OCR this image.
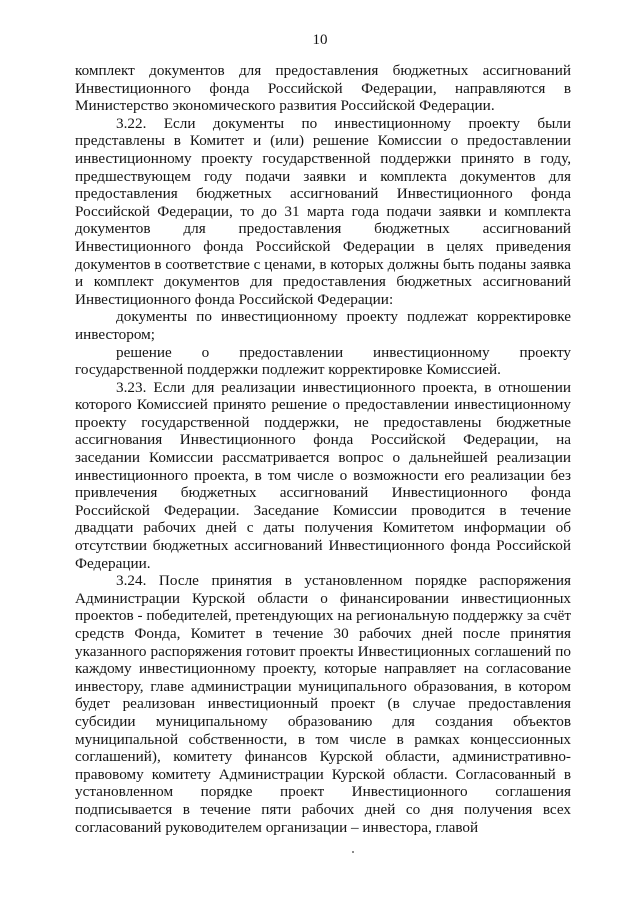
10

комплект документов для предоставления бюджетных ассигнований Инвестиционного фонда Российской Федерации, направляются в Министерство экономического развития Российской Федерации.

3.22. Если документы по инвестиционному проекту были представлены в Комитет и (или) решение Комиссии о предоставлении инвестиционному проекту государственной поддержки принято в году, предшествующем году подачи заявки и комплекта документов для предоставления бюджетных ассигнований Инвестиционного фонда Российской Федерации, то до 31 марта года подачи заявки и комплекта документов для предоставления бюджетных ассигнований Инвестиционного фонда Российской Федерации в целях приведения документов в соответствие с ценами, в которых должны быть поданы заявка и комплект документов для предоставления бюджетных ассигнований Инвестиционного фонда Российской Федерации:

документы по инвестиционному проекту подлежат корректировке инвестором;

решение о предоставлении инвестиционному проекту государственной поддержки подлежит корректировке Комиссией.

3.23. Если для реализации инвестиционного проекта, в отношении которого Комиссией принято решение о предоставлении инвестиционному проекту государственной поддержки, не предоставлены бюджетные ассигнования Инвестиционного фонда Российской Федерации, на заседании Комиссии рассматривается вопрос о дальнейшей реализации инвестиционного проекта, в том числе о возможности его реализации без привлечения бюджетных ассигнований Инвестиционного фонда Российской Федерации. Заседание Комиссии проводится в течение двадцати рабочих дней с даты получения Комитетом информации об отсутствии бюджетных ассигнований Инвестиционного фонда Российской Федерации.

3.24. После принятия в установленном порядке распоряжения Администрации Курской области о финансировании инвестиционных проектов - победителей, претендующих на региональную поддержку за счёт средств Фонда, Комитет в течение 30 рабочих дней после принятия указанного распоряжения готовит проекты Инвестиционных соглашений по каждому инвестиционному проекту, которые направляет на согласование инвестору, главе администрации муниципального образования, в котором будет реализован инвестиционный проект (в случае предоставления субсидии муниципальному образованию для создания объектов муниципальной собственности, в том числе в рамках концессионных соглашений), комитету финансов Курской области, административно-правовому комитету Администрации Курской области. Согласованный в установленном порядке проект Инвестиционного соглашения подписывается в течение пяти рабочих дней со дня получения всех согласований руководителем организации – инвестора, главой
